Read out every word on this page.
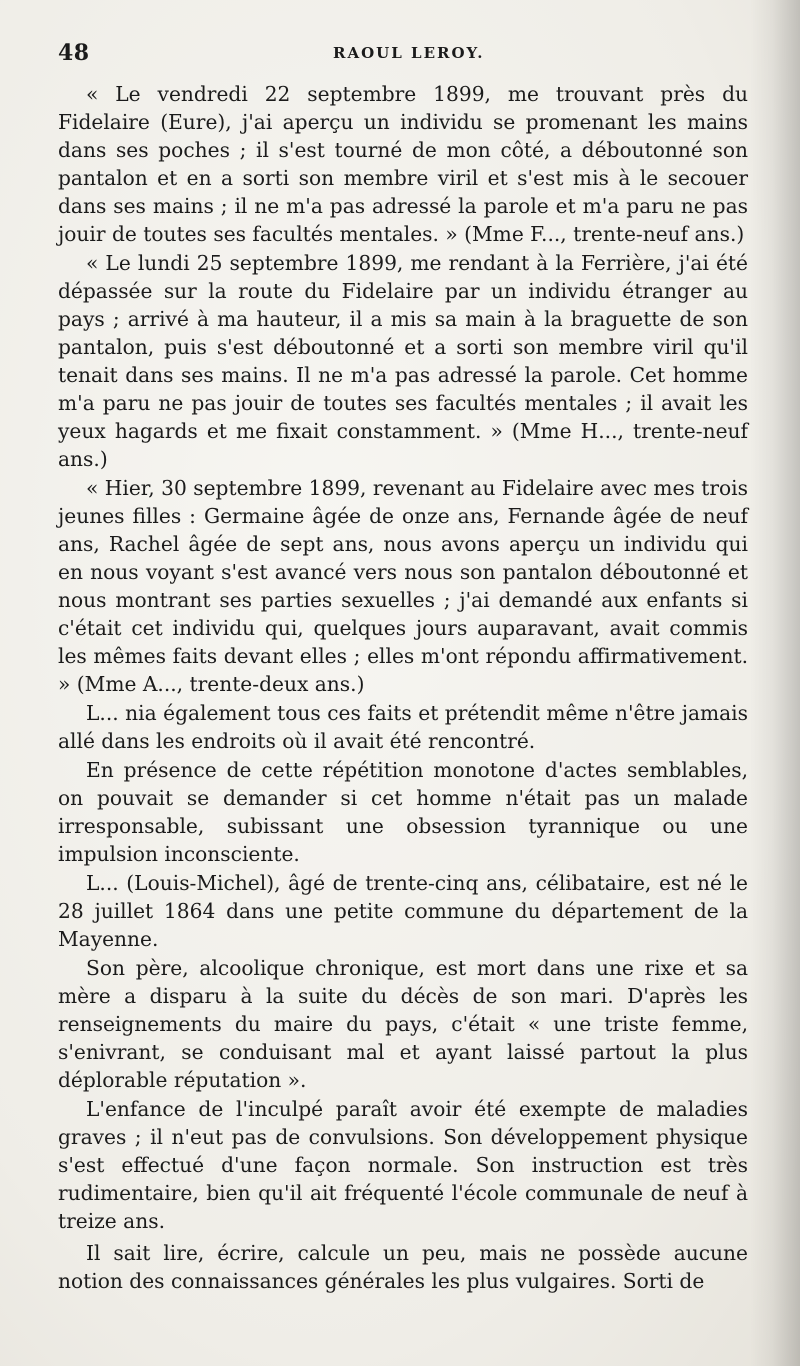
48	RAOUL LEROY.

« Le vendredi 22 septembre 1899, me trouvant près du Fidelaire (Eure), j'ai aperçu un individu se promenant les mains dans ses poches ; il s'est tourné de mon côté, a déboutonné son pantalon et en a sorti son membre viril et s'est mis à le secouer dans ses mains ; il ne m'a pas adressé la parole et m'a paru ne pas jouir de toutes ses facultés mentales. » (Mme F..., trente-neuf ans.)

« Le lundi 25 septembre 1899, me rendant à la Ferrière, j'ai été dépassée sur la route du Fidelaire par un individu étranger au pays ; arrivé à ma hauteur, il a mis sa main à la braguette de son pantalon, puis s'est déboutonné et a sorti son membre viril qu'il tenait dans ses mains. Il ne m'a pas adressé la parole. Cet homme m'a paru ne pas jouir de toutes ses facultés mentales ; il avait les yeux hagards et me fixait constamment. » (Mme H..., trente-neuf ans.)

« Hier, 30 septembre 1899, revenant au Fidelaire avec mes trois jeunes filles : Germaine âgée de onze ans, Fernande âgée de neuf ans, Rachel âgée de sept ans, nous avons aperçu un individu qui en nous voyant s'est avancé vers nous son pantalon déboutonné et nous montrant ses parties sexuelles ; j'ai demandé aux enfants si c'était cet individu qui, quelques jours auparavant, avait commis les mêmes faits devant elles ; elles m'ont répondu affirmativement. » (Mme A..., trente-deux ans.)

L... nia également tous ces faits et prétendit même n'être jamais allé dans les endroits où il avait été rencontré.

En présence de cette répétition monotone d'actes semblables, on pouvait se demander si cet homme n'était pas un malade irresponsable, subissant une obsession tyrannique ou une impulsion inconsciente.

L... (Louis-Michel), âgé de trente-cinq ans, célibataire, est né le 28 juillet 1864 dans une petite commune du département de la Mayenne.

Son père, alcoolique chronique, est mort dans une rixe et sa mère a disparu à la suite du décès de son mari. D'après les renseignements du maire du pays, c'était « une triste femme, s'enivrant, se conduisant mal et ayant laissé partout la plus déplorable réputation ».

L'enfance de l'inculpé paraît avoir été exempte de maladies graves ; il n'eut pas de convulsions. Son développement physique s'est effectué d'une façon normale. Son instruction est très rudimentaire, bien qu'il ait fréquenté l'école communale de neuf à treize ans.

Il sait lire, écrire, calcule un peu, mais ne possède aucune notion des connaissances générales les plus vulgaires. Sorti de
